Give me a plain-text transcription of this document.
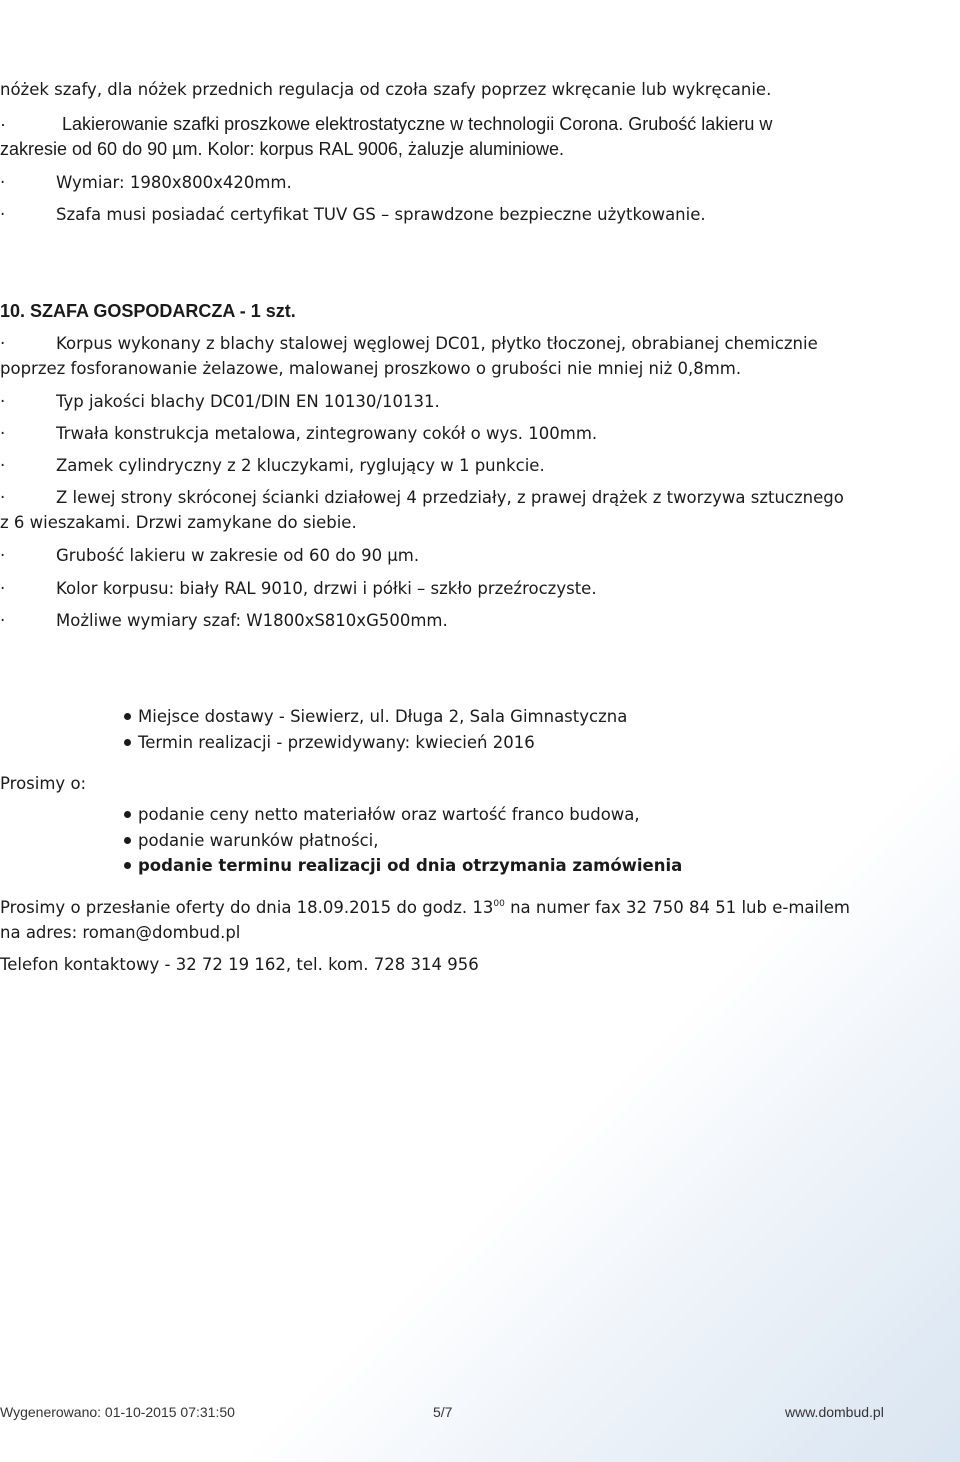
nóżek szafy, dla nóżek przednich regulacja od czoła szafy poprzez wkręcanie lub wykręcanie.
·	Lakierowanie szafki proszkowe elektrostatyczne w technologii Corona. Grubość lakieru w
zakresie od 60 do 90 µm. Kolor: korpus RAL 9006, żaluzje aluminiowe.
·	Wymiar: 1980x800x420mm.
·	Szafa musi posiadać certyfikat TUV GS – sprawdzone bezpieczne użytkowanie.
10. SZAFA GOSPODARCZA - 1 szt.
·	Korpus wykonany z blachy stalowej węglowej DC01, płytko tłoczonej, obrabianej chemicznie
poprzez fosforanowanie żelazowe, malowanej proszkowo o grubości nie mniej niż 0,8mm.
·	Typ jakości blachy DC01/DIN EN 10130/10131.
·	Trwała konstrukcja metalowa, zintegrowany cokół o wys. 100mm.
·	Zamek cylindryczny z 2 kluczykami, ryglujący w 1 punkcie.
·	Z lewej strony skróconej ścianki działowej 4 przedziały, z prawej drążek z tworzywa sztucznego
z 6 wieszakami. Drzwi zamykane do siebie.
·	Grubość lakieru w zakresie od 60 do 90 µm.
·	Kolor korpusu: biały RAL 9010, drzwi i półki – szkło przeźroczyste.
·	Możliwe wymiary szaf: W1800xS810xG500mm.
Miejsce dostawy - Siewierz, ul. Długa 2, Sala Gimnastyczna
Termin realizacji - przewidywany: kwiecień 2016
Prosimy o:
podanie ceny netto materiałów oraz wartość franco budowa,
podanie warunków płatności,
podanie terminu realizacji od dnia otrzymania zamówienia
Prosimy o przesłanie oferty do dnia 18.09.2015 do godz. $13^{00}$ na numer fax 32 750 84 51 lub e-mailem
na adres: roman@dombud.pl
Telefon kontaktowy - 32 72 19 162, tel. kom. 728 314 956
Wygenerowano: 01-10-2015 07:31:50	5/7	www.dombud.pl
